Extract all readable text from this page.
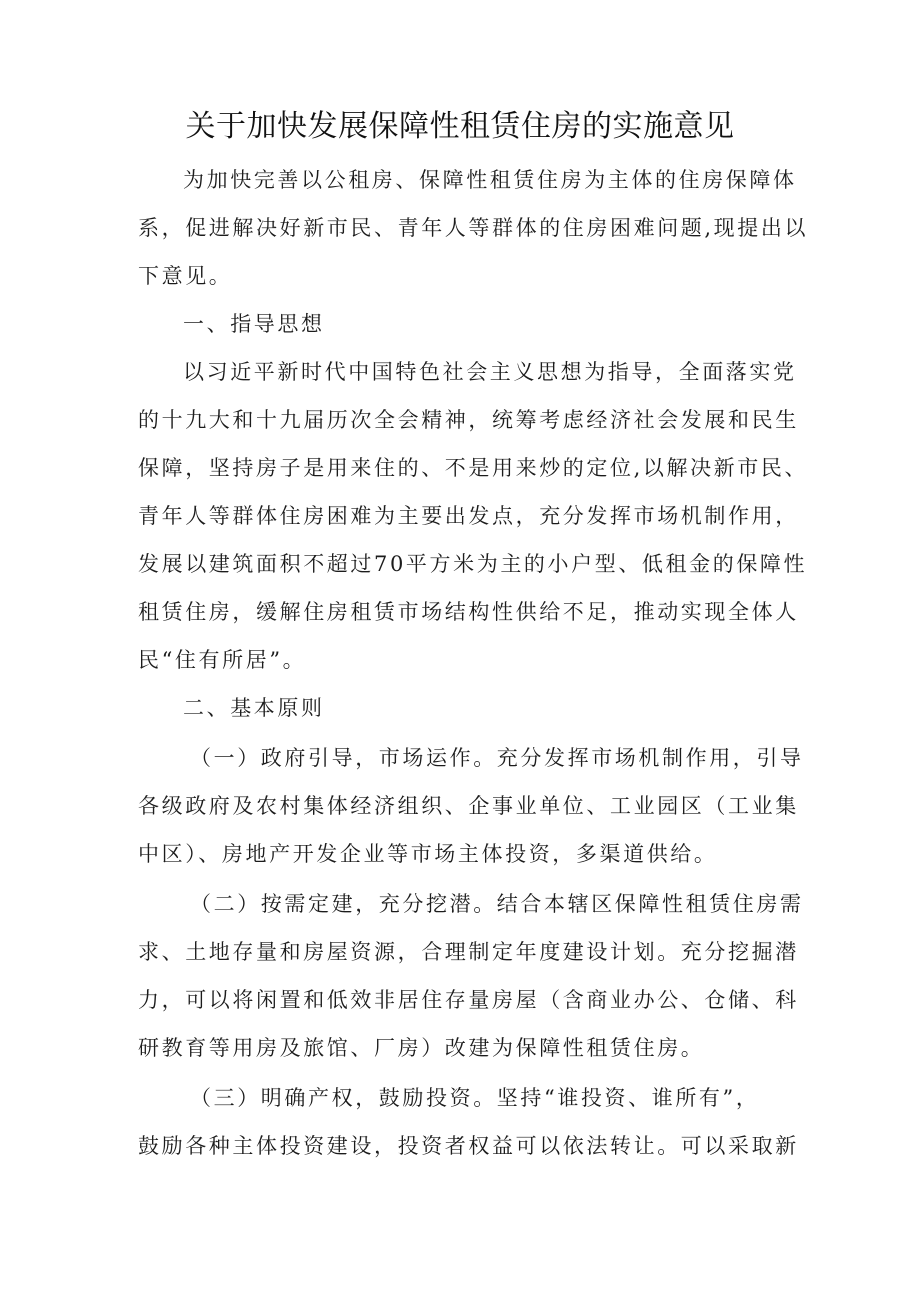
关于加快发展保障性租赁住房的实施意见
为加快完善以公租房、保障性租赁住房为主体的住房保障体
系，促进解决好新市民、青年人等群体的住房困难问题,现提出以
下意见。
一、指导思想
以习近平新时代中国特色社会主义思想为指导，全面落实党
的十九大和十九届历次全会精神，统筹考虑经济社会发展和民生
保障，坚持房子是用来住的、不是用来炒的定位,以解决新市民、
青年人等群体住房困难为主要出发点，充分发挥市场机制作用，
发展以建筑面积不超过70平方米为主的小户型、低租金的保障性
租赁住房，缓解住房租赁市场结构性供给不足，推动实现全体人
民“住有所居”。
二、基本原则
（一）政府引导，市场运作。充分发挥市场机制作用，引导
各级政府及农村集体经济组织、企事业单位、工业园区（工业集
中区）、房地产开发企业等市场主体投资，多渠道供给。
（二）按需定建，充分挖潜。结合本辖区保障性租赁住房需
求、土地存量和房屋资源，合理制定年度建设计划。充分挖掘潜
力，可以将闲置和低效非居住存量房屋（含商业办公、仓储、科
研教育等用房及旅馆、厂房）改建为保障性租赁住房。
（三）明确产权，鼓励投资。坚持“谁投资、谁所有”，
鼓励各种主体投资建设，投资者权益可以依法转让。可以采取新
